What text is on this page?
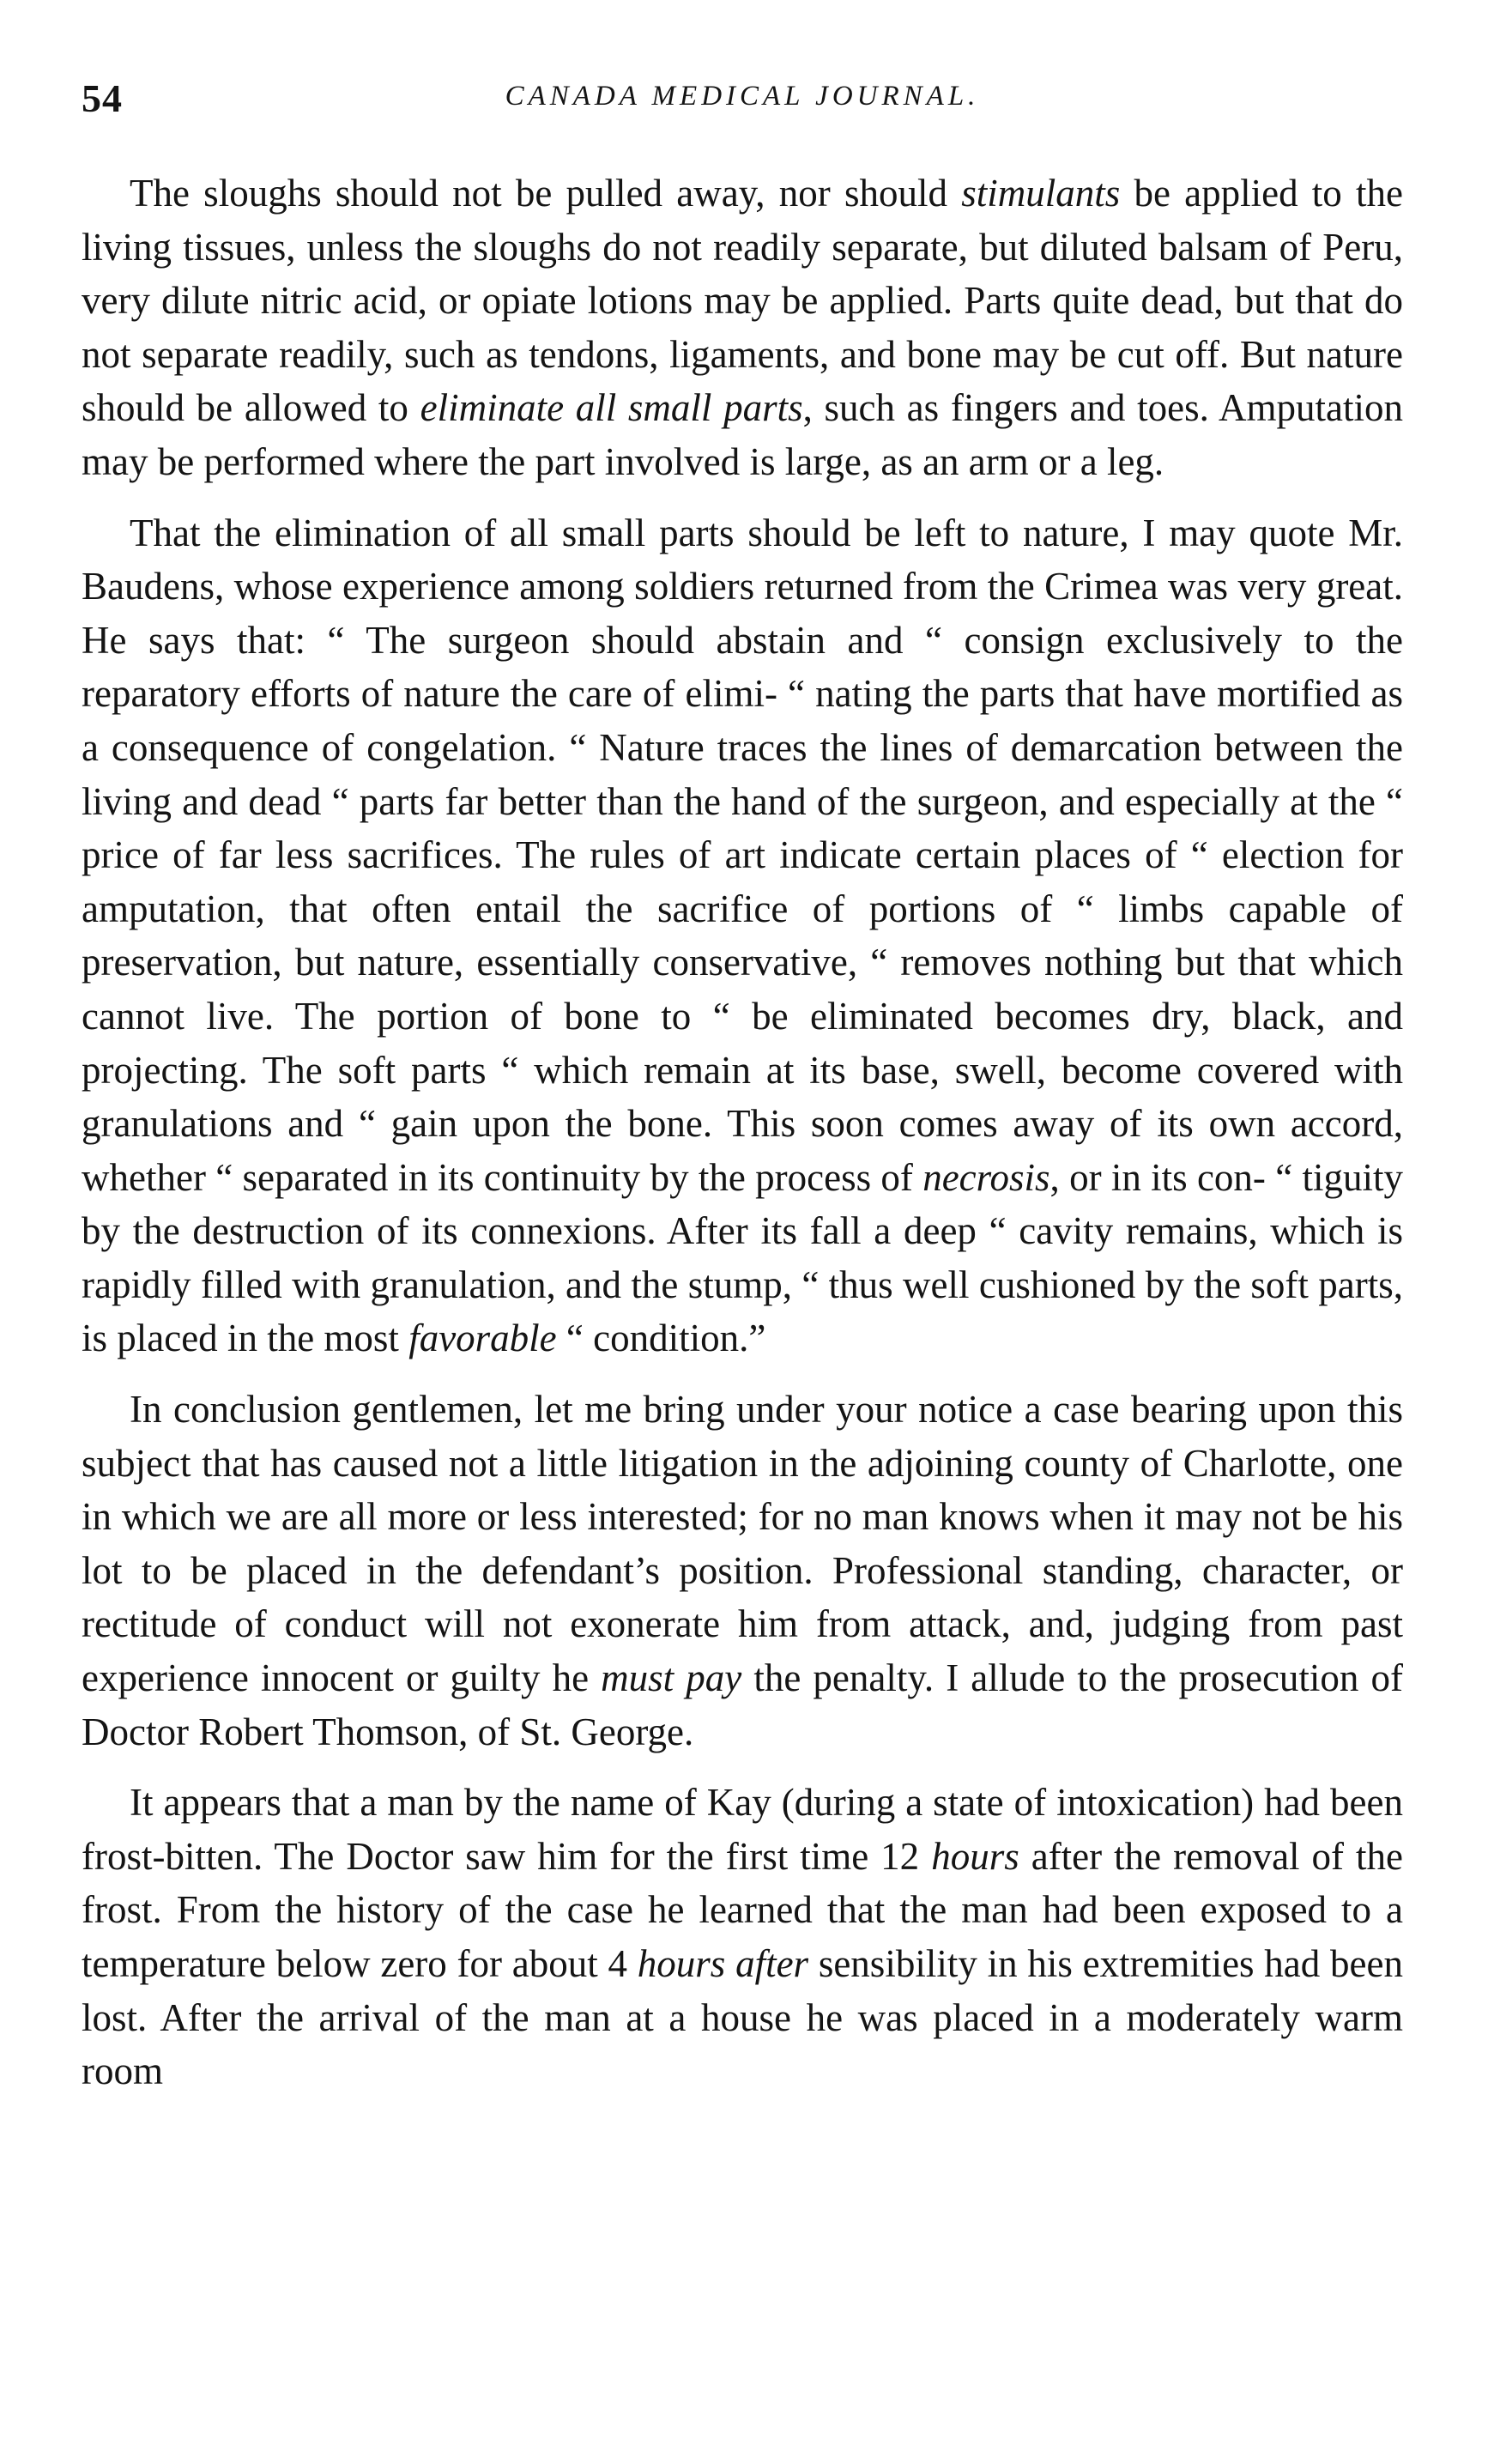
54	CANADA MEDICAL JOURNAL.

The sloughs should not be pulled away, nor should stimulants be applied to the living tissues, unless the sloughs do not readily separate, but diluted balsam of Peru, very dilute nitric acid, or opiate lotions may be applied. Parts quite dead, but that do not separate readily, such as tendons, ligaments, and bone may be cut off. But nature should be allowed to eliminate all small parts, such as fingers and toes. Amputation may be performed where the part involved is large, as an arm or a leg.

That the elimination of all small parts should be left to nature, I may quote Mr. Baudens, whose experience among soldiers returned from the Crimea was very great. He says that: “ The surgeon should abstain and “ consign exclusively to the reparatory efforts of nature the care of elimi- “ nating the parts that have mortified as a consequence of congelation. “ Nature traces the lines of demarcation between the living and dead “ parts far better than the hand of the surgeon, and especially at the “ price of far less sacrifices. The rules of art indicate certain places of “ election for amputation, that often entail the sacrifice of portions of “ limbs capable of preservation, but nature, essentially conservative, “ removes nothing but that which cannot live. The portion of bone to “ be eliminated becomes dry, black, and projecting. The soft parts “ which remain at its base, swell, become covered with granulations and “ gain upon the bone. This soon comes away of its own accord, whether “ separated in its continuity by the process of necrosis, or in its con- “ tiguity by the destruction of its connexions. After its fall a deep “ cavity remains, which is rapidly filled with granulation, and the stump, “ thus well cushioned by the soft parts, is placed in the most favorable “ condition.”

In conclusion gentlemen, let me bring under your notice a case bearing upon this subject that has caused not a little litigation in the adjoining county of Charlotte, one in which we are all more or less interested; for no man knows when it may not be his lot to be placed in the defendant’s position. Professional standing, character, or rectitude of conduct will not exonerate him from attack, and, judging from past experience innocent or guilty he must pay the penalty. I allude to the prosecution of Doctor Robert Thomson, of St. George.

It appears that a man by the name of Kay (during a state of intoxication) had been frost-bitten. The Doctor saw him for the first time 12 hours after the removal of the frost. From the history of the case he learned that the man had been exposed to a temperature below zero for about 4 hours after sensibility in his extremities had been lost. After the arrival of the man at a house he was placed in a moderately warm room
